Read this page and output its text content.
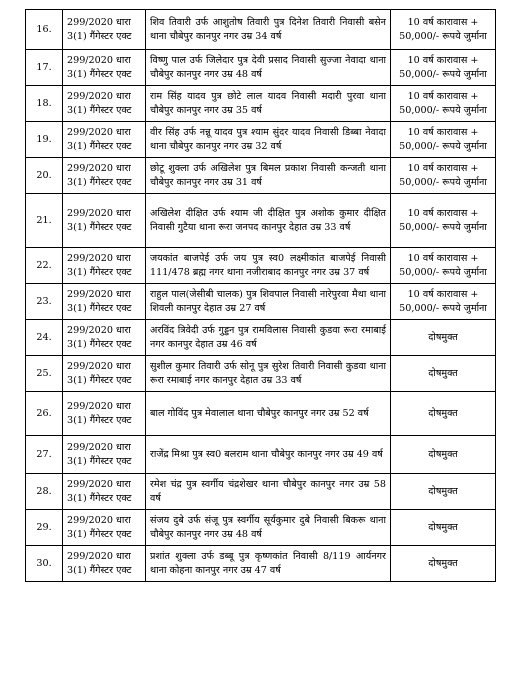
16.	299/2020 धारा 3(1) गैंगेस्टर एक्ट	शिव तिवारी उर्फ आशुतोष तिवारी पुत्र दिनेश तिवारी निवासी बसेन थाना चौबेपुर कानपुर नगर उम्र 34 वर्ष	10 वर्ष कारावास + 50,000/- रूपये जुर्माना
17.	299/2020 धारा 3(1) गैंगेस्टर एक्ट	विष्णु पाल उर्फ जिलेदार पुत्र देवी प्रसाद निवासी सुज्जा नेवादा थाना चौबेपुर कानपुर नगर उम्र 48 वर्ष	10 वर्ष कारावास + 50,000/- रूपये जुर्माना
18.	299/2020 धारा 3(1) गैंगेस्टर एक्ट	राम सिंह यादव पुत्र छोटे लाल यादव निवासी मदारी पुरवा थाना चौबेपुर कानपुर नगर उम्र 35 वर्ष	10 वर्ष कारावास + 50,000/- रूपये जुर्माना
19.	299/2020 धारा 3(1) गैंगेस्टर एक्ट	वीर सिंह उर्फ नन्नू यादव पुत्र श्याम सुंदर यादव निवासी डिब्बा नेवादा थाना चौबेपुर कानपुर नगर उम्र 32 वर्ष	10 वर्ष कारावास + 50,000/- रूपये जुर्माना
20.	299/2020 धारा 3(1) गैंगेस्टर एक्ट	छोटू शुक्ला उर्फ अखिलेश पुत्र बिमल प्रकाश निवासी कन्जती थाना चौबेपुर कानपुर नगर उम्र 31 वर्ष	10 वर्ष कारावास + 50,000/- रूपये जुर्माना
21.	299/2020 धारा 3(1) गैंगेस्टर एक्ट	अखिलेश दीक्षित उर्फ श्याम जी दीक्षित पुत्र अशोक कुमार दीक्षित निवासी गुटैया थाना रूरा जनपद कानपुर देहात उम्र 33 वर्ष	10 वर्ष कारावास + 50,000/- रूपये जुर्माना
22.	299/2020 धारा 3(1) गैंगेस्टर एक्ट	जयकांत बाजपेई उर्फ जय पुत्र स्व0 लक्ष्मीकांत बाजपेई निवासी 111/478 ब्रह्म नगर थाना नजीराबाद कानपुर नगर उम्र 37 वर्ष	10 वर्ष कारावास + 50,000/- रूपये जुर्माना
23.	299/2020 धारा 3(1) गैंगेस्टर एक्ट	राहुल पाल(जेसीबी चालक) पुत्र शिवपाल निवासी नारेपुरवा मैथा थाना शिवली कानपुर देहात उम्र 27 वर्ष	10 वर्ष कारावास + 50,000/- रूपये जुर्माना
24.	299/2020 धारा 3(1) गैंगेस्टर एक्ट	अरविंद त्रिवेदी उर्फ गुड्डन पुत्र रामविलास निवासी कुडवा रूरा रमाबाई नगर कानपुर देहात उम्र 46 वर्ष	दोषमुक्त
25.	299/2020 धारा 3(1) गैंगेस्टर एक्ट	सुशील कुमार तिवारी उर्फ सोनू पुत्र सुरेश तिवारी निवासी कुडवा थाना रूरा रमाबाई नगर कानपुर देहात उम्र 33 वर्ष	दोषमुक्त
26.	299/2020 धारा 3(1) गैंगेस्टर एक्ट	बाल गोविंद पुत्र मेवालाल थाना चौबेपुर कानपुर नगर उम्र 52 वर्ष	दोषमुक्त
27.	299/2020 धारा 3(1) गैंगेस्टर एक्ट	राजेंद्र मिश्रा पुत्र स्व0 बलराम थाना चौबेपुर कानपुर नगर उम्र 49 वर्ष	दोषमुक्त
28.	299/2020 धारा 3(1) गैंगेस्टर एक्ट	रमेश चंद्र पुत्र स्वर्गीय चंद्रशेखर थाना चौबेपुर कानपुर नगर उम्र 58 वर्ष	दोषमुक्त
29.	299/2020 धारा 3(1) गैंगेस्टर एक्ट	संजय दुबे उर्फ संजू पुत्र स्वर्गीय सूर्यकुमार दुबे निवासी बिकरू थाना चौबेपुर कानपुर नगर उम्र 48 वर्ष	दोषमुक्त
30.	299/2020 धारा 3(1) गैंगेस्टर एक्ट	प्रशांत शुक्ला उर्फ डब्बू पुत्र कृष्णकांत निवासी 8/119 आर्यनगर थाना कोहना कानपुर नगर उम्र 47 वर्ष	दोषमुक्त
